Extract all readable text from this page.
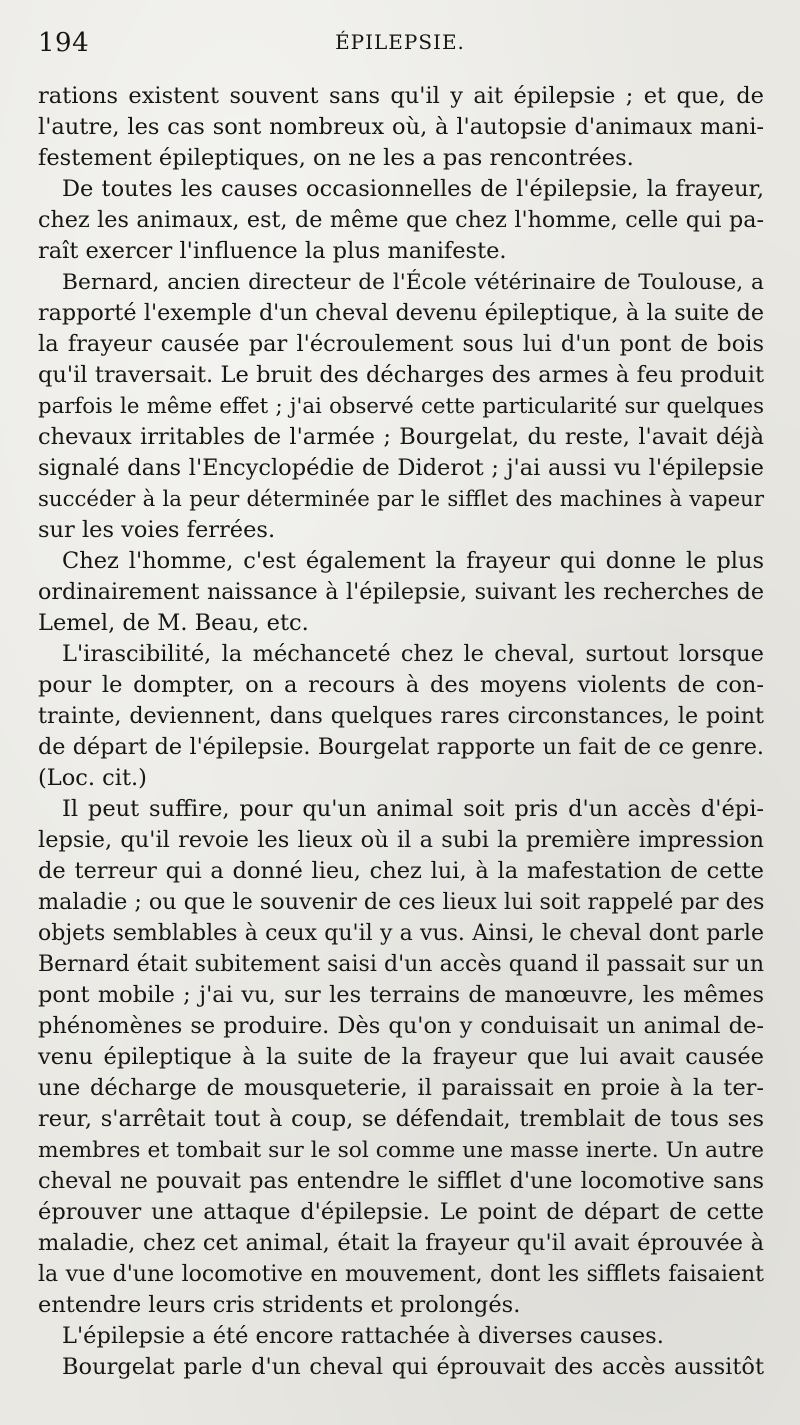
194	ÉPILEPSIE.
rations existent souvent sans qu'il y ait épilepsie ; et que, de
l'autre, les cas sont nombreux où, à l'autopsie d'animaux mani-
festement épileptiques, on ne les a pas rencontrées.
De toutes les causes occasionnelles de l'épilepsie, la frayeur,
chez les animaux, est, de même que chez l'homme, celle qui pa-
raît exercer l'influence la plus manifeste.
Bernard, ancien directeur de l'École vétérinaire de Toulouse, a
rapporté l'exemple d'un cheval devenu épileptique, à la suite de
la frayeur causée par l'écroulement sous lui d'un pont de bois
qu'il traversait. Le bruit des décharges des armes à feu produit
parfois le même effet ; j'ai observé cette particularité sur quelques
chevaux irritables de l'armée ; Bourgelat, du reste, l'avait déjà
signalé dans l'Encyclopédie de Diderot ; j'ai aussi vu l'épilepsie
succéder à la peur déterminée par le sifflet des machines à vapeur
sur les voies ferrées.
Chez l'homme, c'est également la frayeur qui donne le plus
ordinairement naissance à l'épilepsie, suivant les recherches de
Lemel, de M. Beau, etc.
L'irascibilité, la méchanceté chez le cheval, surtout lorsque
pour le dompter, on a recours à des moyens violents de con-
trainte, deviennent, dans quelques rares circonstances, le point
de départ de l'épilepsie. Bourgelat rapporte un fait de ce genre.
(Loc. cit.)
Il peut suffire, pour qu'un animal soit pris d'un accès d'épi-
lepsie, qu'il revoie les lieux où il a subi la première impression
de terreur qui a donné lieu, chez lui, à la mafestation de cette
maladie ; ou que le souvenir de ces lieux lui soit rappelé par des
objets semblables à ceux qu'il y a vus. Ainsi, le cheval dont parle
Bernard était subitement saisi d'un accès quand il passait sur un
pont mobile ; j'ai vu, sur les terrains de manœuvre, les mêmes
phénomènes se produire. Dès qu'on y conduisait un animal de-
venu épileptique à la suite de la frayeur que lui avait causée
une décharge de mousqueterie, il paraissait en proie à la ter-
reur, s'arrêtait tout à coup, se défendait, tremblait de tous ses
membres et tombait sur le sol comme une masse inerte. Un autre
cheval ne pouvait pas entendre le sifflet d'une locomotive sans
éprouver une attaque d'épilepsie. Le point de départ de cette
maladie, chez cet animal, était la frayeur qu'il avait éprouvée à
la vue d'une locomotive en mouvement, dont les sifflets faisaient
entendre leurs cris stridents et prolongés.
L'épilepsie a été encore rattachée à diverses causes.
Bourgelat parle d'un cheval qui éprouvait des accès aussitôt
